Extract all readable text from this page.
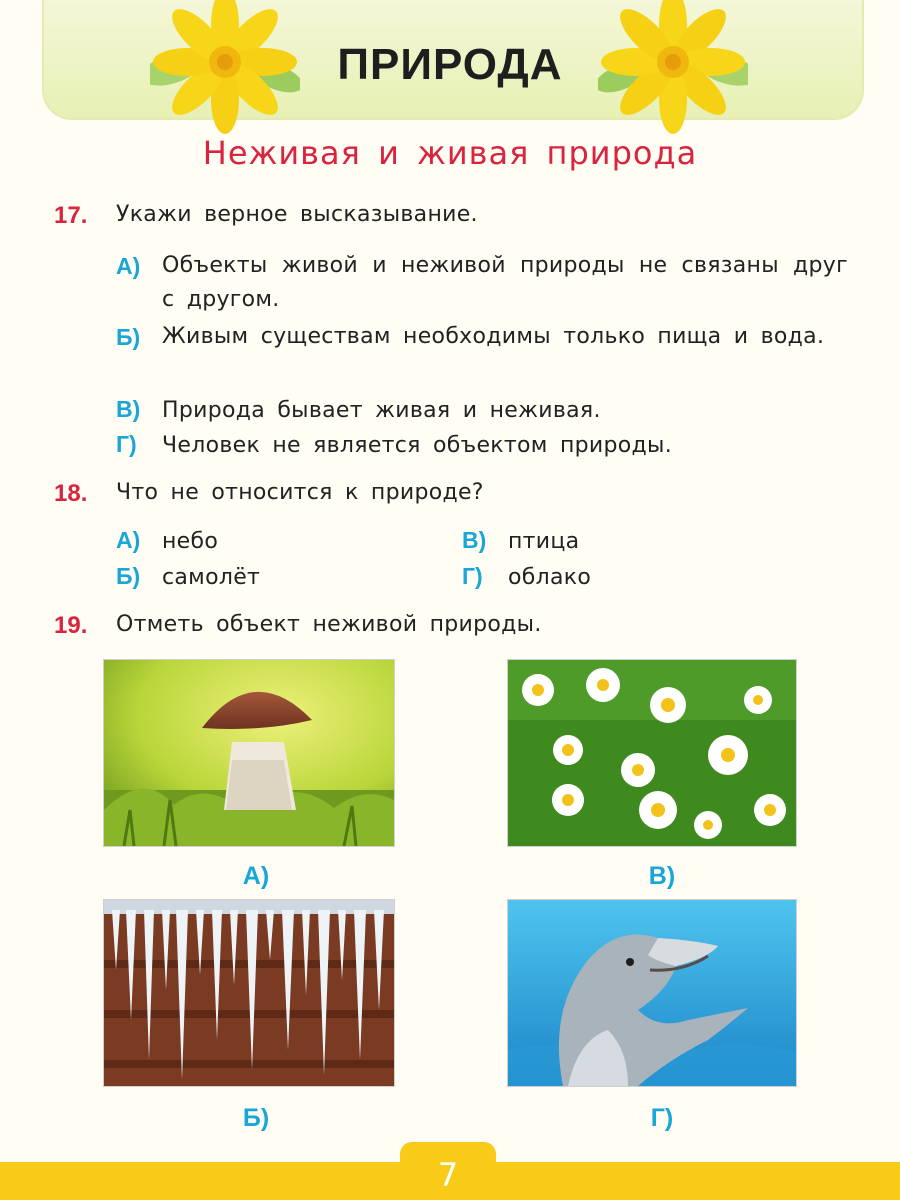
ПРИРОДА
Неживая и живая природа
17. Укажи верное высказывание.
А) Объекты живой и неживой природы не связаны друг с другом.
Б) Живым существам необходимы только пища и вода.
В) Природа бывает живая и неживая.
Г) Человек не является объектом природы.
18. Что не относится к природе?
А) небо
Б) самолёт
В) птица
Г) облако
19. Отметь объект неживой природы.
А)	В)
Б)	Г)
7
